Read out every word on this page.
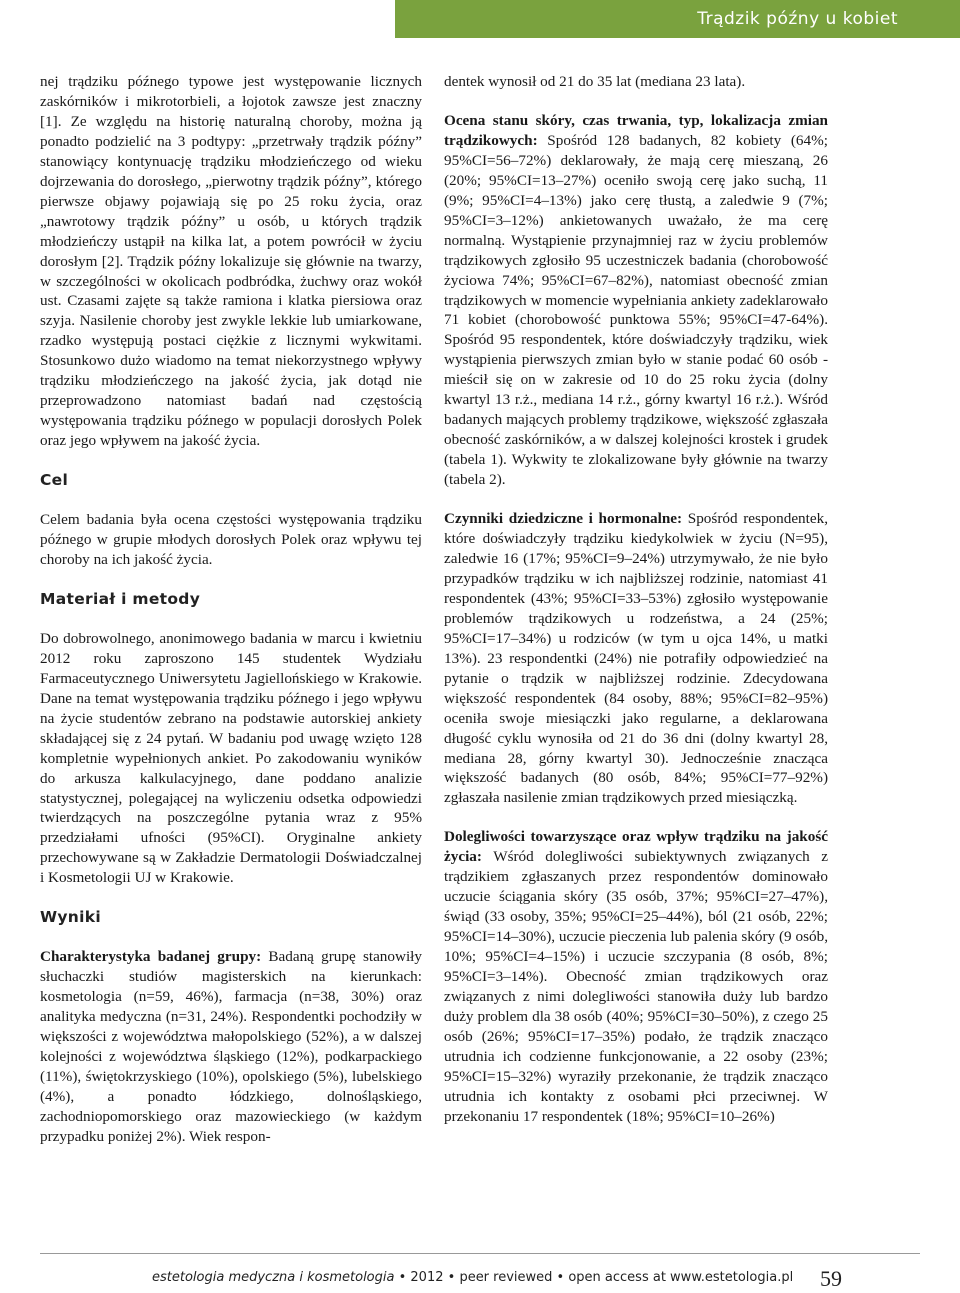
Trądzik późny u kobiet

nej trądziku późnego typowe jest występowanie licznych zaskórników i mikrotorbieli, a łojotok zawsze jest znaczny [1]. Ze względu na historię naturalną choroby, można ją ponadto podzielić na 3 podtypy: „przetrwały trądzik późny” stanowiący kontynuację trądziku młodzieńczego od wieku dojrzewania do dorosłego, „pierwotny trądzik późny”, którego pierwsze objawy pojawiają się po 25 roku życia, oraz „nawrotowy trądzik późny” u osób, u których trądzik młodzieńczy ustąpił na kilka lat, a potem powrócił w życiu dorosłym [2]. Trądzik późny lokalizuje się głównie na twarzy, w szczególności w okolicach podbródka, żuchwy oraz wokół ust. Czasami zajęte są także ramiona i klatka piersiowa oraz szyja. Nasilenie choroby jest zwykle lekkie lub umiarkowane, rzadko występują postaci ciężkie z licznymi wykwitami. Stosunkowo dużo wiadomo na temat niekorzystnego wpływy trądziku młodzieńczego na jakość życia, jak dotąd nie przeprowadzono natomiast badań nad częstością występowania trądziku późnego w populacji dorosłych Polek oraz jego wpływem na jakość życia.

Cel

Celem badania była ocena częstości występowania trądziku późnego w grupie młodych dorosłych Polek oraz wpływu tej choroby na ich jakość życia.

Materiał i metody

Do dobrowolnego, anonimowego badania w marcu i kwietniu 2012 roku zaproszono 145 studentek Wydziału Farmaceutycznego Uniwersytetu Jagiellońskiego w Krakowie. Dane na temat występowania trądziku późnego i jego wpływu na życie studentów zebrano na podstawie autorskiej ankiety składającej się z 24 pytań. W badaniu pod uwagę wzięto 128 kompletnie wypełnionych ankiet. Po zakodowaniu wyników do arkusza kalkulacyjnego, dane poddano analizie statystycznej, polegającej na wyliczeniu odsetka odpowiedzi twierdzących na poszczególne pytania wraz z 95% przedziałami ufności (95%CI). Oryginalne ankiety przechowywane są w Zakładzie Dermatologii Doświadczalnej i Kosmetologii UJ w Krakowie.

Wyniki

Charakterystyka badanej grupy: Badaną grupę stanowiły słuchaczki studiów magisterskich na kierunkach: kosmetologia (n=59, 46%), farmacja (n=38, 30%) oraz analityka medyczna (n=31, 24%). Respondentki pochodziły w większości z województwa małopolskiego (52%), a w dalszej kolejności z województwa śląskiego (12%), podkarpackiego (11%), świętokrzyskiego (10%), opolskiego (5%), lubelskiego (4%), a ponadto łódzkiego, dolnośląskiego, zachodniopomorskiego oraz mazowieckiego (w każdym przypadku poniżej 2%). Wiek respon-

dentek wynosił od 21 do 35 lat (mediana 23 lata).

Ocena stanu skóry, czas trwania, typ, lokalizacja zmian trądzikowych: Spośród 128 badanych, 82 kobiety (64%; 95%CI=56–72%) deklarowały, że mają cerę mieszaną, 26 (20%; 95%CI=13–27%) oceniło swoją cerę jako suchą, 11 (9%; 95%CI=4–13%) jako cerę tłustą, a zaledwie 9 (7%; 95%CI=3–12%) ankietowanych uważało, że ma cerę normalną. Wystąpienie przynajmniej raz w życiu problemów trądzikowych zgłosiło 95 uczestniczek badania (chorobowość życiowa 74%; 95%CI=67–82%), natomiast obecność zmian trądzikowych w momencie wypełniania ankiety zadeklarowało 71 kobiet (chorobowość punktowa 55%; 95%CI=47-64%). Spośród 95 respondentek, które doświadczyły trądziku, wiek wystąpienia pierwszych zmian było w stanie podać 60 osób - mieścił się on w zakresie od 10 do 25 roku życia (dolny kwartyl 13 r.ż., mediana 14 r.ż., górny kwartyl 16 r.ż.). Wśród badanych mających problemy trądzikowe, większość zgłaszała obecność zaskórników, a w dalszej kolejności krostek i grudek (tabela 1). Wykwity te zlokalizowane były głównie na twarzy (tabela 2).

Czynniki dziedziczne i hormonalne: Spośród respondentek, które doświadczyły trądziku kiedykolwiek w życiu (N=95), zaledwie 16 (17%; 95%CI=9–24%) utrzymywało, że nie było przypadków trądziku w ich najbliższej rodzinie, natomiast 41 respondentek (43%; 95%CI=33–53%) zgłosiło występowanie problemów trądzikowych u rodzeństwa, a 24 (25%; 95%CI=17–34%) u rodziców (w tym u ojca 14%, u matki 13%). 23 respondentki (24%) nie potrafiły odpowiedzieć na pytanie o trądzik w najbliższej rodzinie. Zdecydowana większość respondentek (84 osoby, 88%; 95%CI=82–95%) oceniła swoje miesiączki jako regularne, a deklarowana długość cyklu wynosiła od 21 do 36 dni (dolny kwartyl 28, mediana 28, górny kwartyl 30). Jednocześnie znacząca większość badanych (80 osób, 84%; 95%CI=77–92%) zgłaszała nasilenie zmian trądzikowych przed miesiączką.

Dolegliwości towarzyszące oraz wpływ trądziku na jakość życia: Wśród dolegliwości subiektywnych związanych z trądzikiem zgłaszanych przez respondentów dominowało uczucie ściągania skóry (35 osób, 37%; 95%CI=27–47%), świąd (33 osoby, 35%; 95%CI=25–44%), ból (21 osób, 22%; 95%CI=14–30%), uczucie pieczenia lub palenia skóry (9 osób, 10%; 95%CI=4–15%) i uczucie szczypania (8 osób, 8%; 95%CI=3–14%). Obecność zmian trądzikowych oraz związanych z nimi dolegliwości stanowiła duży lub bardzo duży problem dla 38 osób (40%; 95%CI=30–50%), z czego 25 osób (26%; 95%CI=17–35%) podało, że trądzik znacząco utrudnia ich codzienne funkcjonowanie, a 22 osoby (23%; 95%CI=15–32%) wyraziły przekonanie, że trądzik znacząco utrudnia ich kontakty z osobami płci przeciwnej. W przekonaniu 17 respondentek (18%; 95%CI=10–26%)

estetologia medyczna i kosmetologia • 2012 • peer reviewed • open access at www.estetologia.pl 59
